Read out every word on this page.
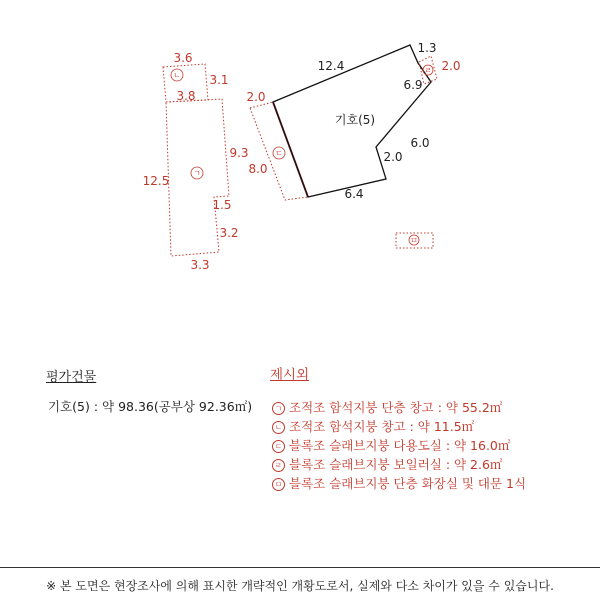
ㄴ
ㄱ
ㄷ
ㄹ
ㅁ
3.6
3.1
3.8
9.3
12.5
1.5
3.2
3.3
8.0
2.0
12.4
1.3
6.9
6.0
2.0
6.4
기호(5)
2.0
평가건물
기호(5) : 약 98.36(공부상 92.36㎡)
제시외
ㄱ 조적조 함석지붕 단층 창고 : 약 55.2㎡
ㄴ 조적조 함석지붕 창고 : 약 11.5㎡
ㄷ 블록조 슬래브지붕 다용도실 : 약 16.0㎡
ㄹ 블록조 슬래브지붕 보일러실 : 약 2.6㎡
ㅁ 블록조 슬래브지붕 단층 화장실 및 대문 1식
※ 본 도면은 현장조사에 의해 표시한 개략적인 개황도로서, 실제와 다소 차이가 있을 수 있습니다.
